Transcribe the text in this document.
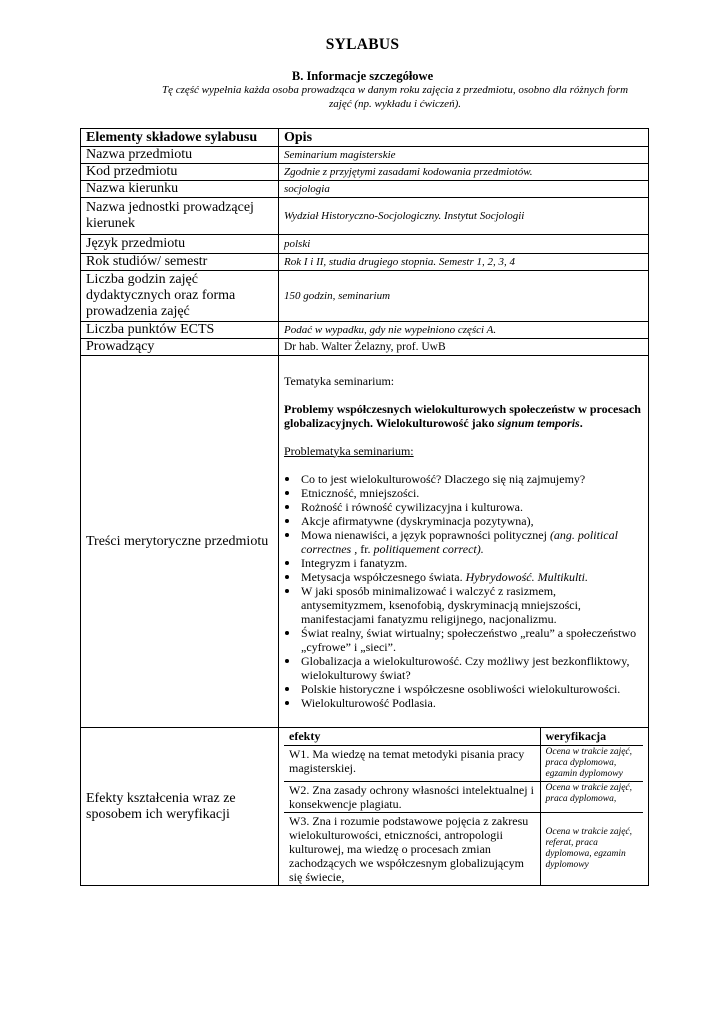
SYLABUS
B. Informacje szczegółowe
Tę część wypełnia każda osoba prowadząca w danym roku zajęcia z przedmiotu, osobno dla różnych form zajęć (np. wykładu i ćwiczeń).
Elementy składowe sylabusu	Opis
Nazwa przedmiotu	Seminarium magisterskie
Kod przedmiotu	Zgodnie z przyjętymi zasadami kodowania przedmiotów.
Nazwa kierunku	socjologia
Nazwa jednostki prowadzącej kierunek	Wydział Historyczno-Socjologiczny. Instytut Socjologii
Język przedmiotu	polski
Rok studiów/ semestr	Rok I i II, studia drugiego stopnia. Semestr 1, 2, 3, 4
Liczba godzin zajęć dydaktycznych oraz forma prowadzenia zajęć	150 godzin, seminarium
Liczba punktów ECTS	Podać w wypadku, gdy nie wypełniono części A.
Prowadzący	Dr hab. Walter Żelazny, prof. UwB
Treści merytoryczne przedmiotu	

Tematyka seminarium:

Problemy współczesnych wielokulturowych społeczeństw w procesach globalizacyjnych. Wielokulturowość jako signum temporis.

Problematyka seminarium:

Co to jest wielokulturowość? Dlaczego się nią zajmujemy?
Etniczność, mniejszości.
Rożność i równość cywilizacyjna i kulturowa.
Akcje afirmatywne (dyskryminacja pozytywna),
Mowa nienawiści, a język poprawności politycznej (ang. political correctnes , fr. politiquement correct).
Integryzm i fanatyzm.
Metysacja współczesnego świata. Hybrydowość. Multikulti.
W jaki sposób minimalizować i walczyć z rasizmem, antysemityzmem, ksenofobią, dyskryminacją mniejszości, manifestacjami fanatyzmu religijnego, nacjonalizmu.
Świat realny, świat wirtualny; społeczeństwo „realu” a społeczeństwo „cyfrowe” i „sieci”.
Globalizacja a wielokulturowość. Czy możliwy jest bezkonfliktowy, wielokulturowy świat?
Polskie historyczne i współczesne osobliwości wielokulturowości.
Wielokulturowość Podlasia.

Efekty kształcenia wraz ze sposobem ich weryfikacji	
efekty	weryfikacja
W1. Ma wiedzę na temat metodyki pisania pracy magisterskiej.	Ocena w trakcie zajęć, praca dyplomowa, egzamin dyplomowy
W2. Zna zasady ochrony własności intelektualnej i konsekwencje plagiatu.	Ocena w trakcie zajęć, praca dyplomowa,
W3. Zna i rozumie podstawowe pojęcia z zakresu wielokulturowości, etniczności, antropologii kulturowej, ma wiedzę o procesach zmian zachodzących we współczesnym globalizującym się świecie,	Ocena w trakcie zajęć, referat, praca dyplomowa, egzamin dyplomowy
